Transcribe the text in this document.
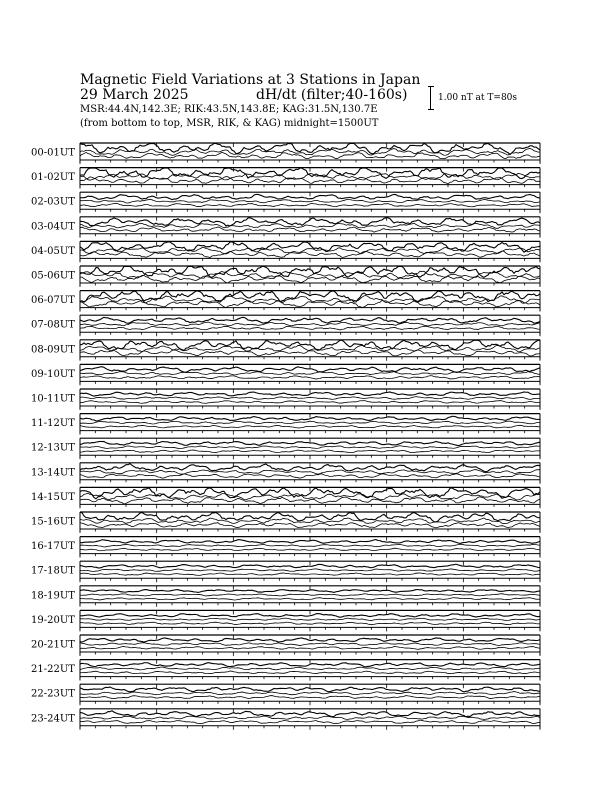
Magnetic Field Variations at 3 Stations in Japan
29 March 2025	dH/dt (filter;40-160s)
MSR:44.4N,142.3E; RIK:43.5N,143.8E; KAG:31.5N,130.7E
(from bottom to top, MSR, RIK, & KAG) midnight=1500UT
1.00 nT at T=80s
00-01UT
01-02UT
02-03UT
03-04UT
04-05UT
05-06UT
06-07UT
07-08UT
08-09UT
09-10UT
10-11UT
11-12UT
12-13UT
13-14UT
14-15UT
15-16UT
16-17UT
17-18UT
18-19UT
19-20UT
20-21UT
21-22UT
22-23UT
23-24UT
